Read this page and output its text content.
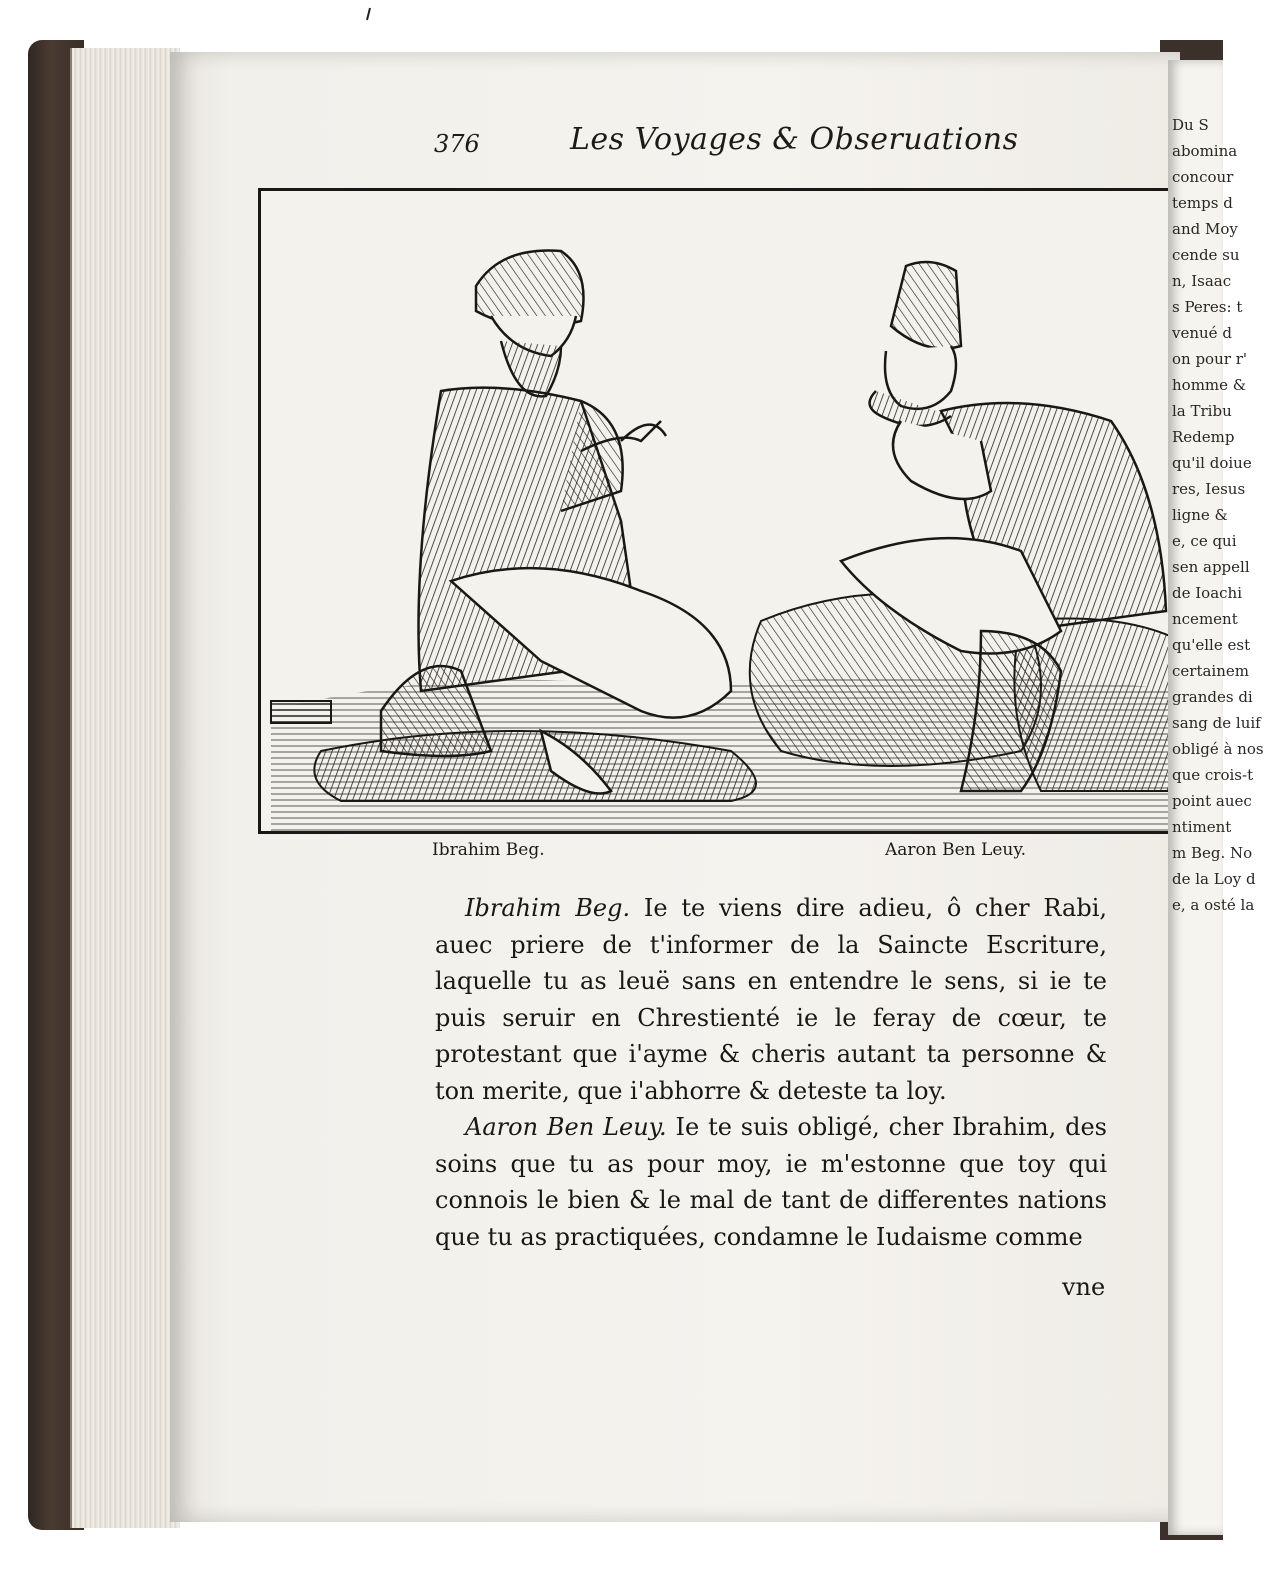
376	Les Voyages & Obseruations
Ibrahim Beg.	Aaron Ben Leuy.

Ibrahim Beg. Ie te viens dire adieu, ô cher Rabi, auec priere de t'informer de la Saincte Escriture, laquelle tu as leuë sans en entendre le sens, si ie te puis seruir en Chrestienté ie le feray de cœur, te protestant que i'ayme & cheris autant ta personne & ton merite, que i'abhorre & deteste ta loy.

Aaron Ben Leuy. Ie te suis obligé, cher Ibrahim, des soins que tu as pour moy, ie m'estonne que toy qui connois le bien & le mal de tant de differentes nations que tu as practiquées, condamne le Iudaisme comme

vne
Du S
abomina
concour
temps d
and Moy
cende su
n, Isaac
s Peres: t
venué d
on pour r'
homme &
la Tribu
Redemp
qu'il doiue
res, Iesus
ligne &
e, ce qui
sen appell
de Ioachi
ncement
qu'elle est
certainem
grandes di
sang de luif
obligé à nos
que crois-t
point auec
ntiment
m Beg. No
de la Loy d
e, a osté la
